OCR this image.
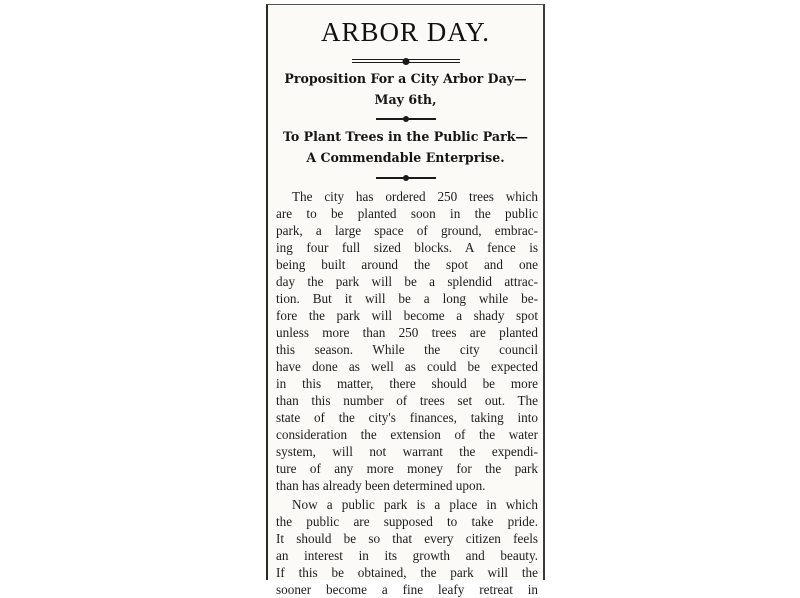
ARBOR DAY.
Proposition For a City Arbor Day—
May 6th,
To Plant Trees in the Public Park—
A Commendable Enterprise.
The city has ordered 250 trees which
are to be planted soon in the public
park, a large space of ground, embrac-
ing four full sized blocks. A fence is
being built around the spot and one
day the park will be a splendid attrac-
tion. But it will be a long while be-
fore the park will become a shady spot
unless more than 250 trees are planted
this season. While the city council
have done as well as could be expected
in this matter, there should be more
than this number of trees set out. The
state of the city's finances, taking into
consideration the extension of the water
system, will not warrant the expendi-
ture of any more money for the park
than has already been determined upon.
Now a public park is a place in which
the public are supposed to take pride.
It should be so that every citizen feels
an interest in its growth and beauty.
If this be obtained, the park will the
sooner become a fine leafy retreat in
